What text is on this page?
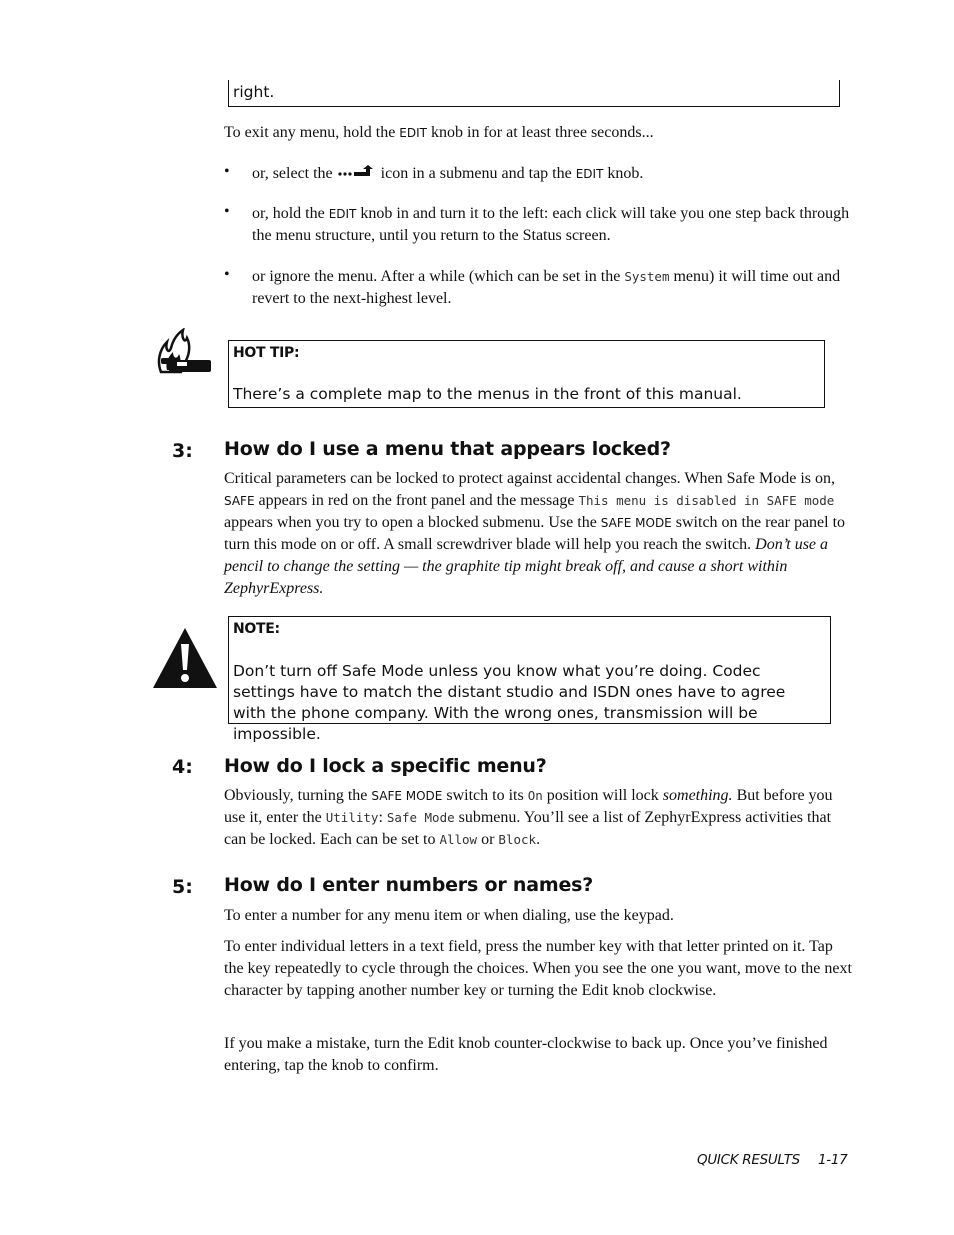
right.

To exit any menu, hold the EDIT knob in for at least three seconds...

• or, select the	icon in a submenu and tap the EDIT knob.

• or, hold the EDIT knob in and turn it to the left: each click will take you one step back through the menu structure, until you return to the Status screen.

• or ignore the menu. After a while (which can be set in the System menu) it will time out and revert to the next-highest level.

HOT TIP:
There’s a complete map to the menus in the front of this manual.
3: How do I use a menu that appears locked?

Critical parameters can be locked to protect against accidental changes. When Safe Mode is on, SAFE appears in red on the front panel and the message This menu is disabled in SAFE mode appears when you try to open a blocked submenu. Use the SAFE MODE switch on the rear panel to turn this mode on or off. A small screwdriver blade will help you reach the switch. Don’t use a pencil to change the setting — the graphite tip might break off, and cause a short within ZephyrExpress.

NOTE:

Don’t turn off Safe Mode unless you know what you’re doing. Codec settings have to match the distant studio and ISDN ones have to agree with the phone company. With the wrong ones, transmission will be impossible.

4: How do I lock a specific menu?

Obviously, turning the SAFE MODE switch to its On position will lock something. But before you use it, enter the Utility: Safe Mode submenu. You’ll see a list of ZephyrExpress activities that can be locked. Each can be set to Allow or Block.

5: How do I enter numbers or names?

To enter a number for any menu item or when dialing, use the keypad.

To enter individual letters in a text field, press the number key with that letter printed on it. Tap the key repeatedly to cycle through the choices. When you see the one you want, move to the next character by tapping another number key or turning the Edit knob clockwise.

If you make a mistake, turn the Edit knob counter-clockwise to back up. Once you’ve finished entering, tap the knob to confirm.

QUICK RESULTS 1-17
